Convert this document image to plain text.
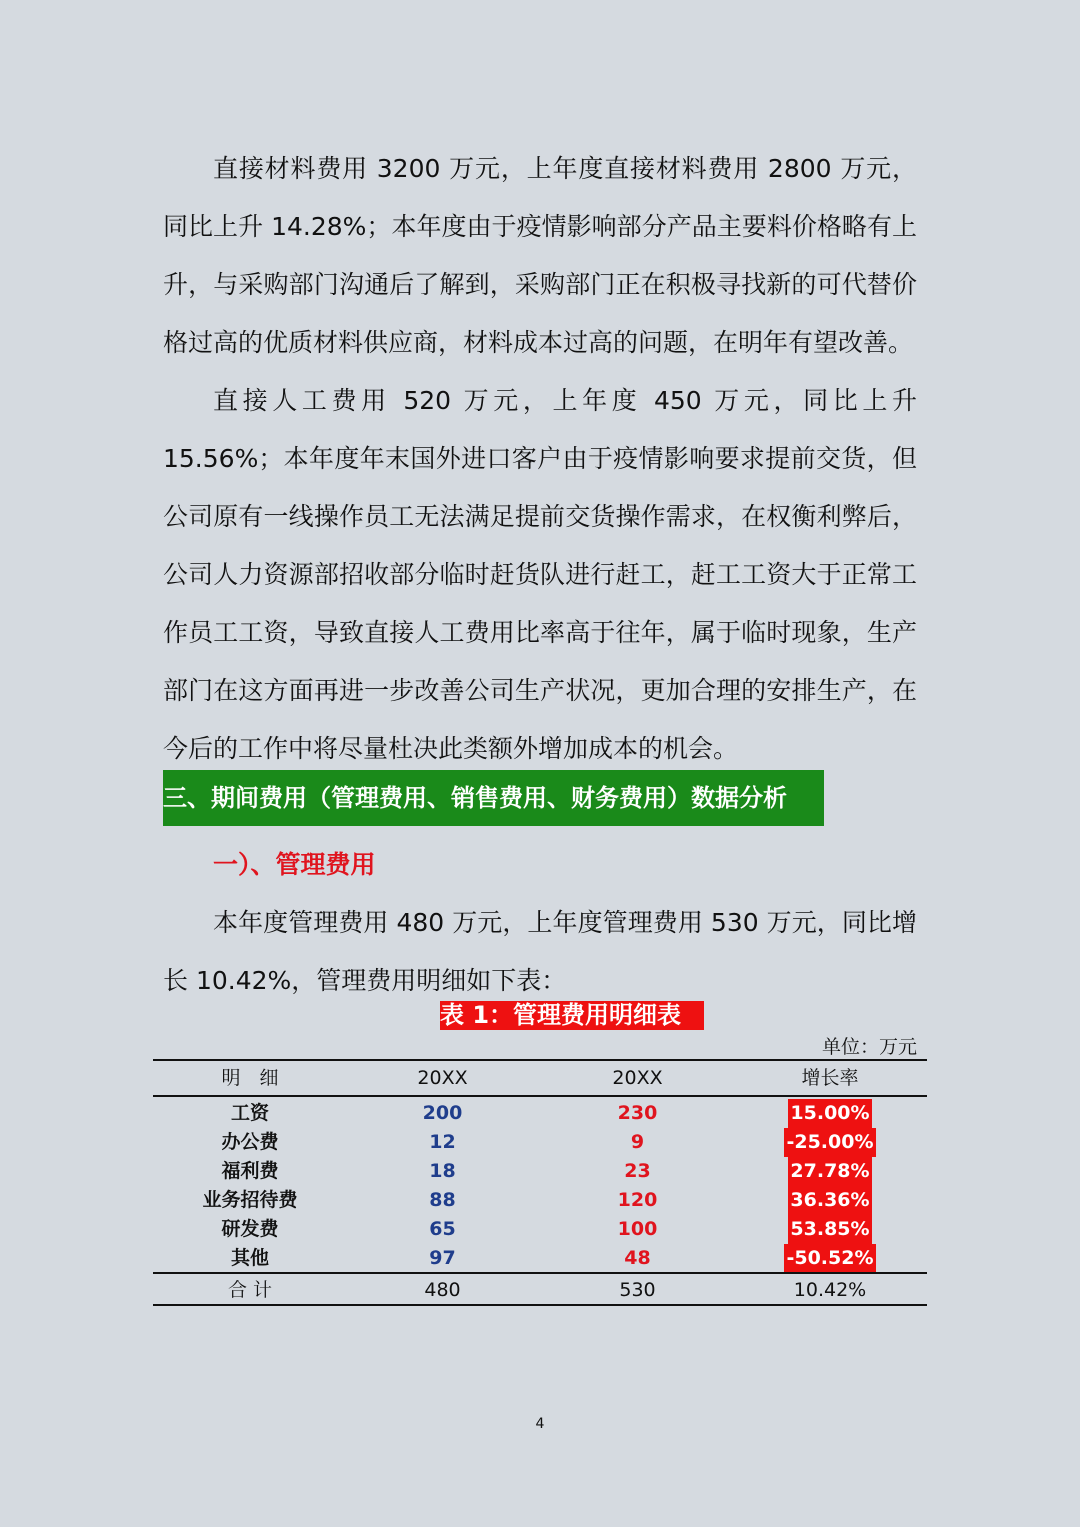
直接材料费用 3200 万元，上年度直接材料费用 2800 万元，同比上升 14.28%；本年度由于疫情影响部分产品主要料价格略有上升，与采购部门沟通后了解到，采购部门正在积极寻找新的可代替价格过高的优质材料供应商，材料成本过高的问题，在明年有望改善。

直接人工费用 520 万元，上年度 450 万元，同比上升 15.56%；本年度年末国外进口客户由于疫情影响要求提前交货，但公司原有一线操作员工无法满足提前交货操作需求，在权衡利弊后，公司人力资源部招收部分临时赶货队进行赶工，赶工工资大于正常工作员工工资，导致直接人工费用比率高于往年，属于临时现象，生产部门在这方面再进一步改善公司生产状况，更加合理的安排生产，在今后的工作中将尽量杜决此类额外增加成本的机会。

三、期间费用（管理费用、销售费用、财务费用）数据分析
一）、管理费用

本年度管理费用 480 万元，上年度管理费用 530 万元，同比增长 10.42%，管理费用明细如下表：

表 1：管理费用明细表
单位：万元
明　细	20XX	20XX	增长率
工资	200	230	15.00%
办公费	12	9	-25.00%
福利费	18	23	27.78%
业务招待费	88	120	36.36%
研发费	65	100	53.85%
其他	97	48	-50.52%
合 计	480	530	10.42%
4
